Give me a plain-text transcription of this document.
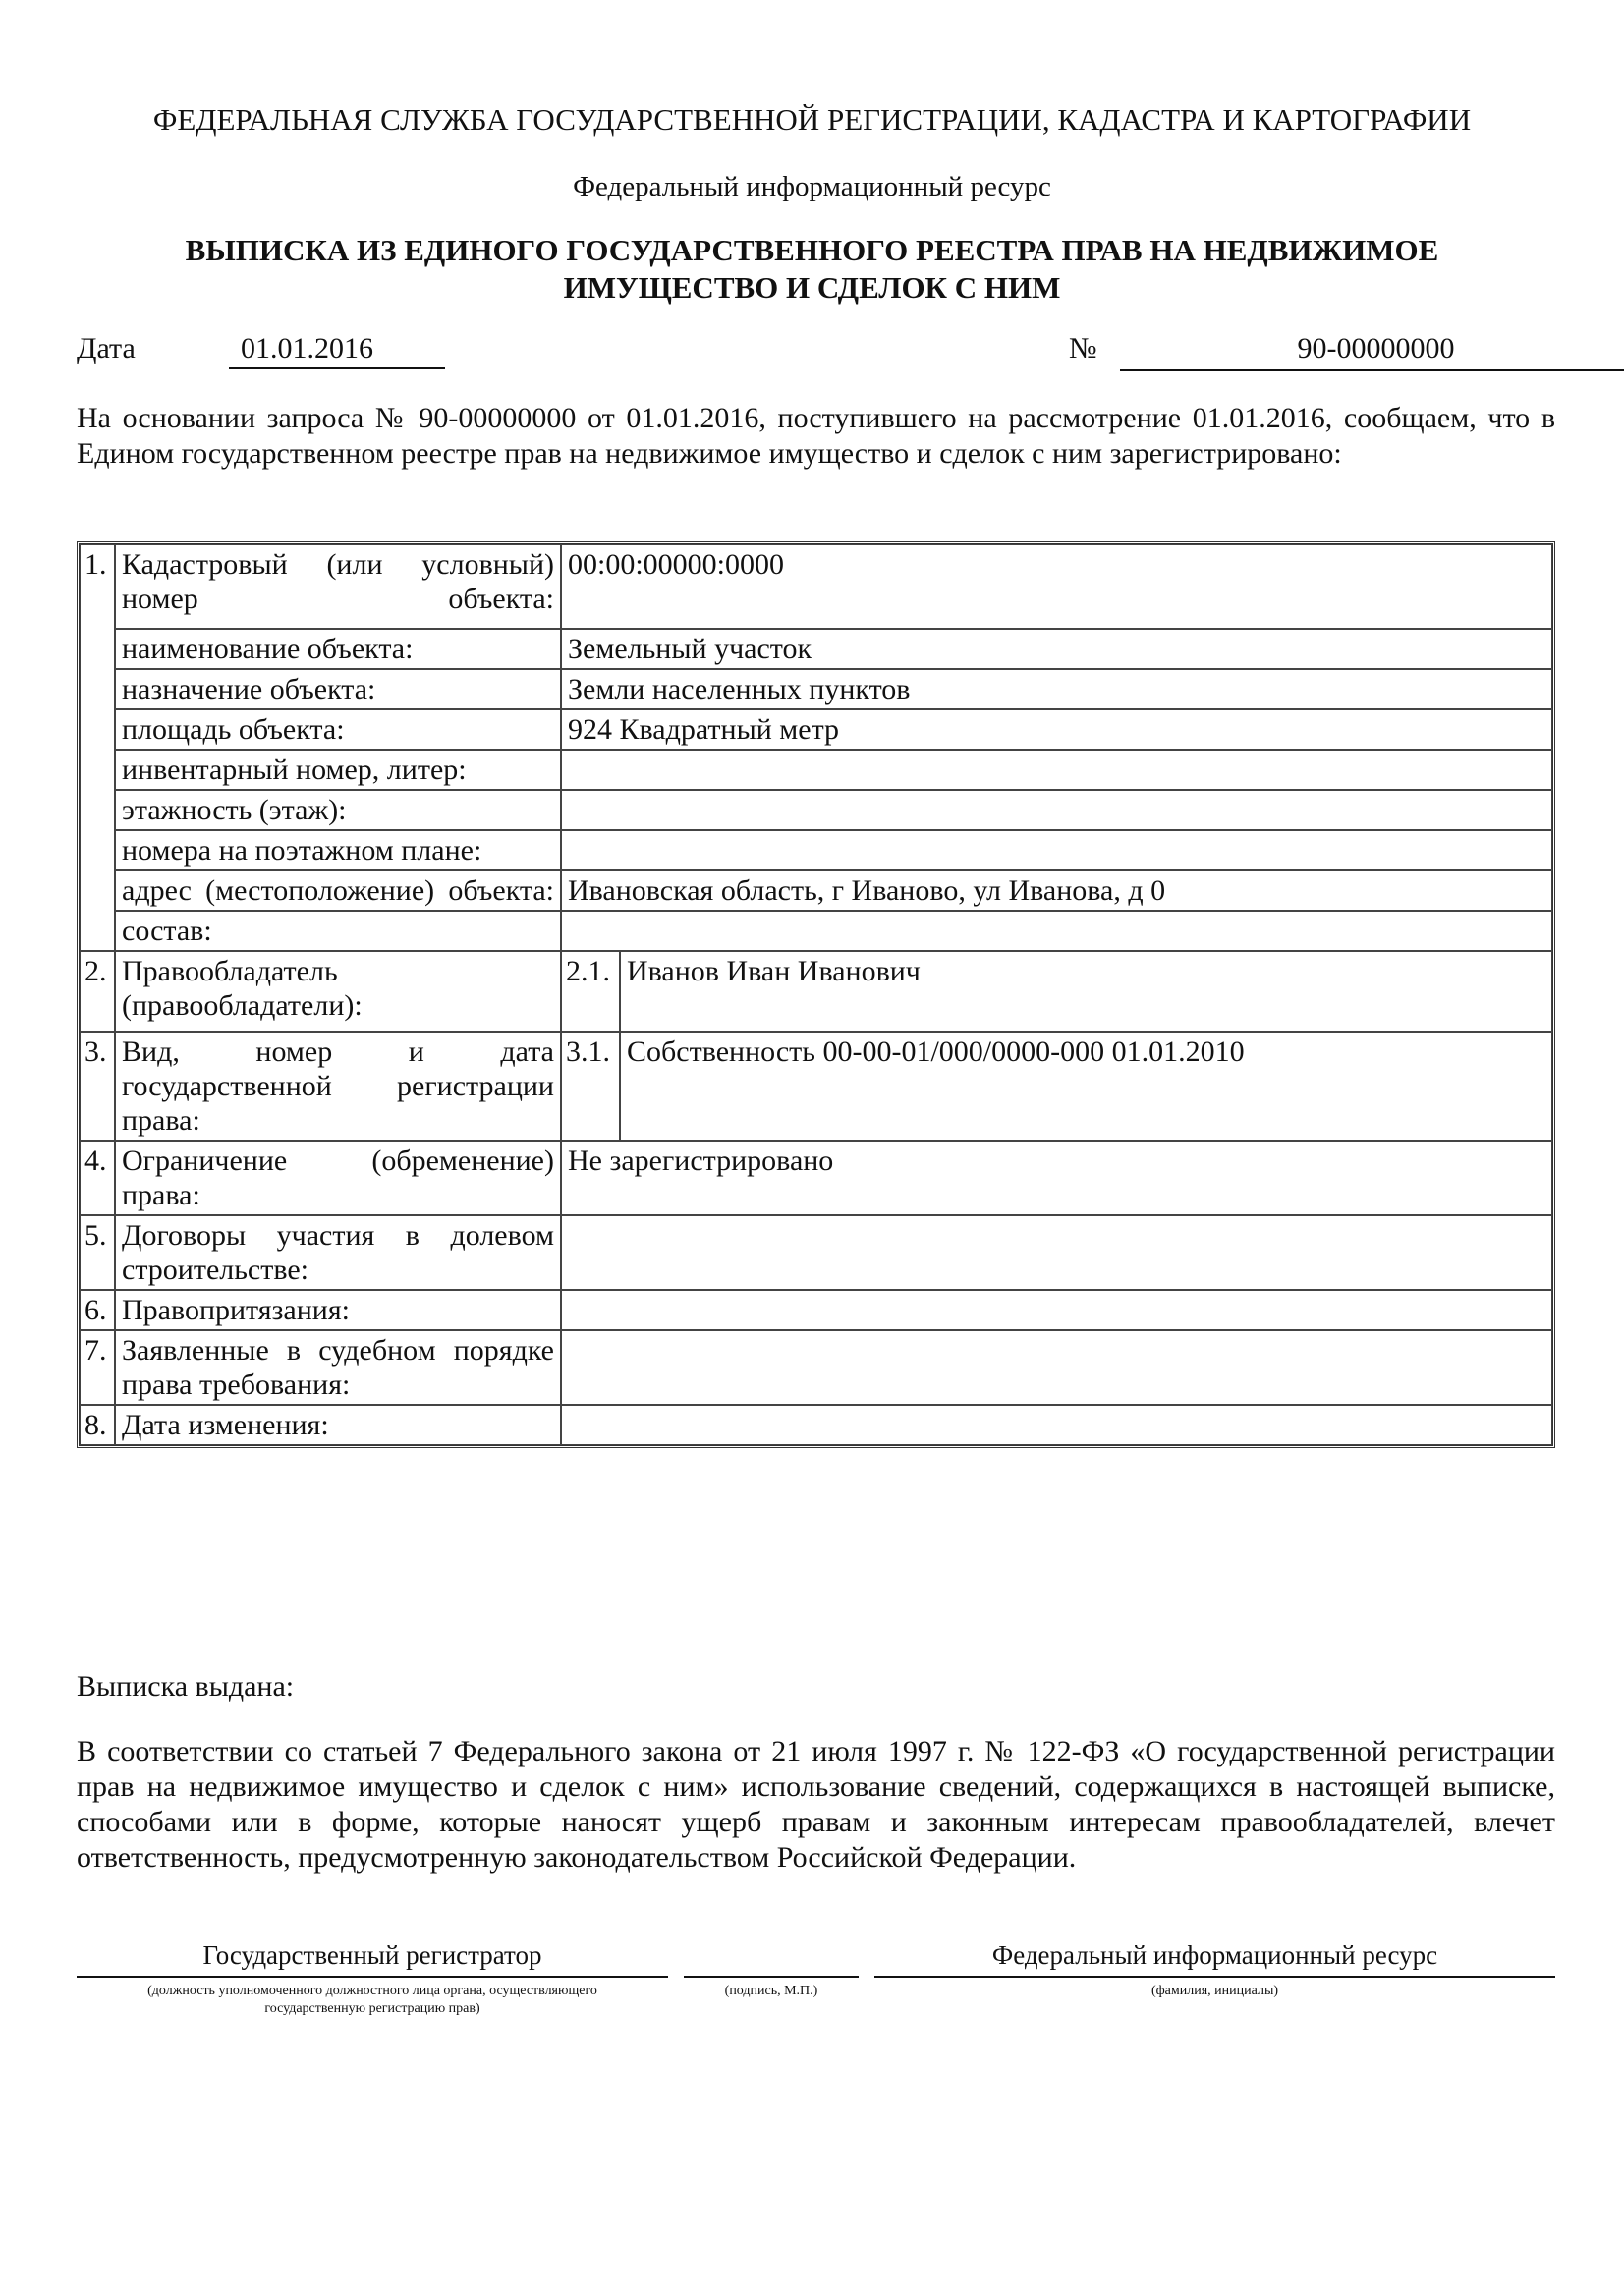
ФЕДЕРАЛЬНАЯ СЛУЖБА ГОСУДАРСТВЕННОЙ РЕГИСТРАЦИИ, КАДАСТРА И КАРТОГРАФИИ
Федеральный информационный ресурс
ВЫПИСКА ИЗ ЕДИНОГО ГОСУДАРСТВЕННОГО РЕЕСТРА ПРАВ НА НЕДВИЖИМОЕ
ИМУЩЕСТВО И СДЕЛОК С НИМ
Дата	01.01.2016	№	90-00000000
На основании запроса № 90-00000000 от 01.01.2016, поступившего на рассмотрение 01.01.2016, сообщаем, что в Едином государственном реестре прав на недвижимое имущество и сделок с ним зарегистрировано:
1.	Кадастровый (или условный) номер объекта:	00:00:00000:0000	
	наименование объекта:	Земельный участок	
	назначение объекта:	Земли населенных пунктов	
	площадь объекта:	924 Квадратный метр	
	инвентарный номер, литер:		
	этажность (этаж):		
	номера на поэтажном плане:		

	адрес (местоположение) объекта:	Ивановская область, г Иваново, ул Иванова, д 0	
	состав:		
2.	Правообладатель (правообладатели):	2.1.	Иванов Иван Иванович
3.	Вид, номер и дата государственной регистрации права:	3.1.	Собственность 00-00-01/000/0000-000 01.01.2010
4.	Ограничение (обременение) права:	Не зарегистрировано	
5.	Договоры участия в долевом строительстве:		
6.	Правопритязания:		
7.	Заявленные в судебном порядке права требования:		
8.	Дата изменения:		
Выписка выдана:
В соответствии со статьей 7 Федерального закона от 21 июля 1997 г. № 122-ФЗ «О государственной регистрации прав на недвижимое имущество и сделок с ним» использование сведений, содержащихся в настоящей выписке, способами или в форме, которые наносят ущерб правам и законным интересам правообладателей, влечет ответственность, предусмотренную законодательством Российской Федерации.
Государственный регистратор
(должность уполномоченного должностного лица органа, осуществляющего
государственную регистрацию прав)
(подпись, М.П.)
Федеральный информационный ресурс
(фамилия, инициалы)
